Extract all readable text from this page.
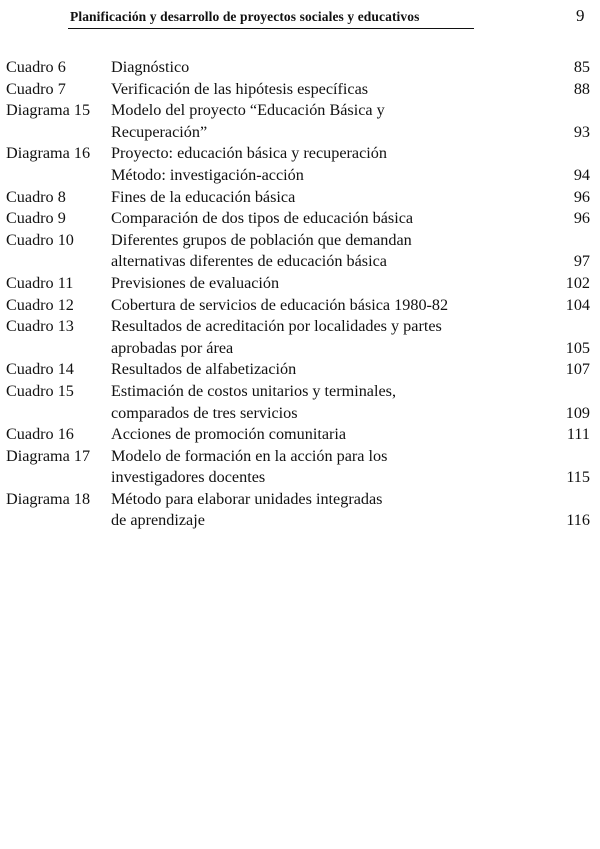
Planificación y desarrollo de proyectos sociales y educativos	9
Cuadro 6	Diagnóstico	85
Cuadro 7	Verificación de las hipótesis específicas	88
Diagrama 15 Modelo del proyecto “Educación Básica y
Recuperación”	93
Diagrama 16 Proyecto: educación básica y recuperación
Método: investigación-acción	94
Cuadro 8	Fines de la educación básica	96
Cuadro 9	Comparación de dos tipos de educación básica	96
Cuadro 10 Diferentes grupos de población que demandan
alternativas diferentes de educación básica	97
Cuadro 11 Previsiones de evaluación	102
Cuadro 12 Cobertura de servicios de educación básica 1980-82	104
Cuadro 13 Resultados de acreditación por localidades y partes
aprobadas por área	105
Cuadro 14 Resultados de alfabetización	107
Cuadro 15 Estimación de costos unitarios y terminales,
comparados de tres servicios	109
Cuadro 16 Acciones de promoción comunitaria	111
Diagrama 17 Modelo de formación en la acción para los
investigadores docentes	115
Diagrama 18 Método para elaborar unidades integradas
de aprendizaje	116
